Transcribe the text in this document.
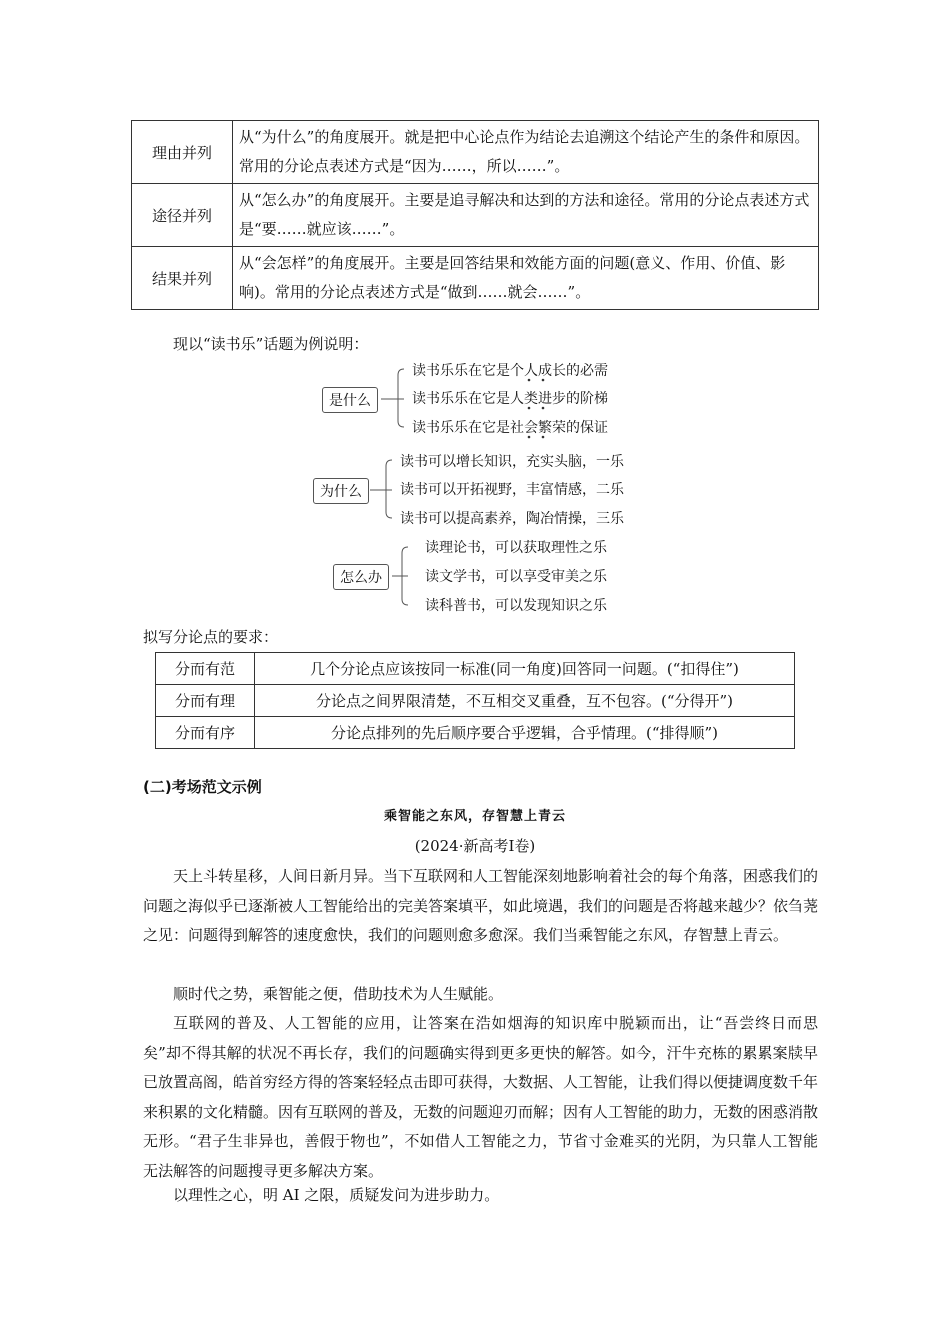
理由并列	从“为什么”的角度展开。就是把中心论点作为结论去追溯这个结论产生的条件和原因。常用的分论点表述方式是“因为……，所以……”。
途径并列	从“怎么办”的角度展开。主要是追寻解决和达到的方法和途径。常用的分论点表述方式是“要……就应该……”。
结果并列	从“会怎样”的角度展开。主要是回答结果和效能方面的问题(意义、作用、价值、影响)。常用的分论点表述方式是“做到……就会……”。
现以“读书乐”话题为例说明：
是什么
读书乐乐在它是个人成长的必需
读书乐乐在它是人类进步的阶梯
读书乐乐在它是社会繁荣的保证
为什么
读书可以增长知识，充实头脑，一乐
读书可以开拓视野，丰富情感，二乐
读书可以提高素养，陶冶情操，三乐
怎么办
读理论书，可以获取理性之乐
读文学书，可以享受审美之乐
读科普书，可以发现知识之乐
拟写分论点的要求：
分而有范	几个分论点应该按同一标准(同一角度)回答同一问题。(“扣得住”)
分而有理	分论点之间界限清楚，不互相交叉重叠，互不包容。(“分得开”)
分而有序	分论点排列的先后顺序要合乎逻辑，合乎情理。(“排得顺”)
(二)考场范文示例
乘智能之东风，存智慧上青云
(2024·新高考Ⅰ卷)
天上斗转星移，人间日新月异。当下互联网和人工智能深刻地影响着社会的每个角落，困惑我们的问题之海似乎已逐渐被人工智能给出的完美答案填平，如此境遇，我们的问题是否将越来越少？依刍荛之见：问题得到解答的速度愈快，我们的问题则愈多愈深。我们当乘智能之东风，存智慧上青云。
顺时代之势，乘智能之便，借助技术为人生赋能。
互联网的普及、人工智能的应用，让答案在浩如烟海的知识库中脱颖而出，让“吾尝终日而思矣”却不得其解的状况不再长存，我们的问题确实得到更多更快的解答。如今，汗牛充栋的累累案牍早已放置高阁，皓首穷经方得的答案轻轻点击即可获得，大数据、人工智能，让我们得以便捷调度数千年来积累的文化精髓。因有互联网的普及，无数的问题迎刃而解；因有人工智能的助力，无数的困惑消散无形。“君子生非异也，善假于物也”，不如借人工智能之力，节省寸金难买的光阴，为只靠人工智能无法解答的问题搜寻更多解决方案。
以理性之心，明 AI 之限，质疑发问为进步助力。
